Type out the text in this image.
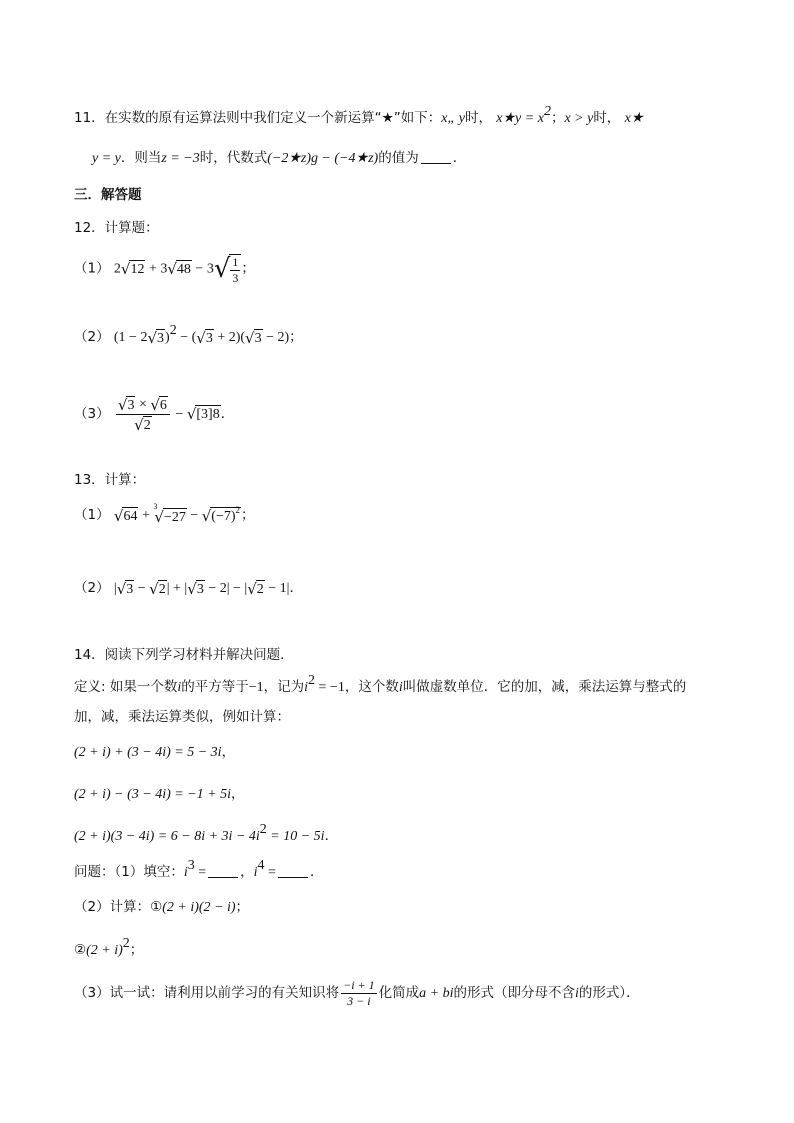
11．在实数的原有运算法则中我们定义一个新运算“★”如下：x„ y时， x★y = $x^2$；x > y时， x★
y = y．则当z = −3时，代数式(−2★z)g − (−4★z)的值为	．
三．解答题
12．计算题：
（1） 2 √ 12 + 3 √ 48 − 3 √ $\frac{1}{3}$ ；
（2） (1 − 2 √ 3 )$^2$ − ( √ 3 + 2)( √ 3 − 2)；
$(3) \frac{√ 3 \times √ 6}{√ 2}$ − √ [3]8 ．
13．计算：
（1） √ 64 +
3
√ −27 − √ $(-7)^2$ ；
（2） | √ 3 − √ 2 | + | √ 3 − 2| − | √ 2 − 1|．
14．阅读下列学习材料并解决问题．
定义: 如果一个数i的平方等于−1，记为$i^2 = -1$，这个数i叫做虚数单位．它的加，减，乘法运算与整式的
加，减，乘法运算类似，例如计算：
(2 + i) + (3 − 4i) = 5 − 3i，
(2 + i) − (3 − 4i) = −1 + 5i，
$(2 + i)(3 - 4i) = 6 - 8i + 3i - 4i^2 = 10 - 5i$．
问题：（1）填空：$i^3$ =	，$i^4$ =	．
（2）计算：①(2 + i)(2 − i)；
②(2 + i)$^2$；
（3）试一试：请利用以前学习的有关知识将 $\frac{-i + 1}{3 - i}$ 化简成a + bi的形式（即分母不含i的形式）．
